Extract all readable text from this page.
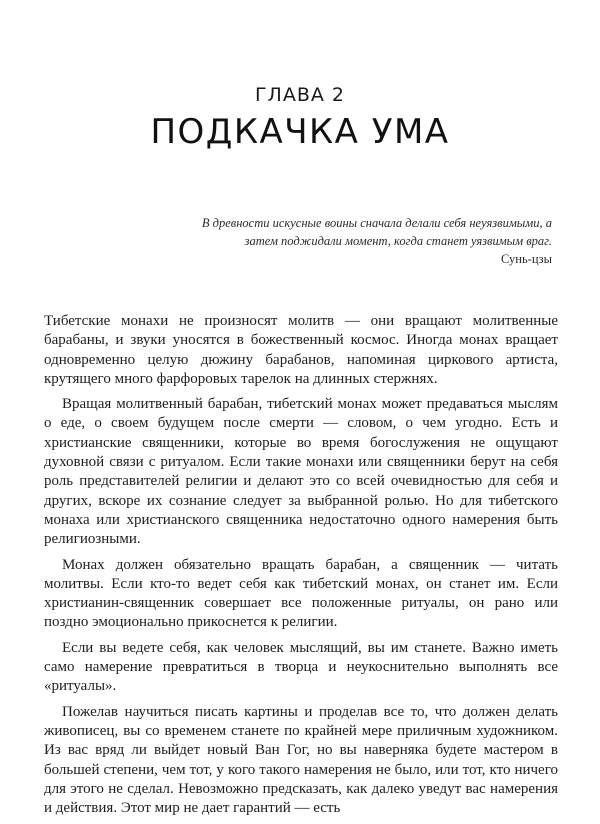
ГЛАВА 2
ПОДКАЧКА УМА
В древности искусные воины сначала делали себя неуязвимыми, а затем поджидали момент, когда станет уязвимым враг.
Сунь-цзы

Тибетские монахи не произносят молитв — они вращают молитвенные барабаны, и звуки уносятся в божественный космос. Иногда монах вращает одновременно целую дюжину барабанов, напоминая циркового артиста, крутящего много фарфоровых тарелок на длинных стержнях.

Вращая молитвенный барабан, тибетский монах может предаваться мыслям о еде, о своем будущем после смерти — словом, о чем угодно. Есть и христианские священники, которые во время богослужения не ощущают духовной связи с ритуалом. Если такие монахи или священники берут на себя роль представителей религии и делают это со всей очевидностью для себя и других, вскоре их сознание следует за выбранной ролью. Но для тибетского монаха или христианского священника недостаточно одного намерения быть религиозными.

Монах должен обязательно вращать барабан, а священник — читать молитвы. Если кто-то ведет себя как тибетский монах, он станет им. Если христианин-священник совершает все положенные ритуалы, он рано или поздно эмоционально прикоснется к религии.

Если вы ведете себя, как человек мыслящий, вы им станете. Важно иметь само намерение превратиться в творца и неукоснительно выполнять все «ритуалы».

Пожелав научиться писать картины и проделав все то, что должен делать живописец, вы со временем станете по крайней мере приличным художником. Из вас вряд ли выйдет новый Ван Гог, но вы наверняка будете мастером в большей степени, чем тот, у кого такого намерения не было, или тот, кто ничего для этого не сделал. Невозможно предсказать, как далеко уведут вас намерения и действия. Этот мир не дает гарантий — есть
